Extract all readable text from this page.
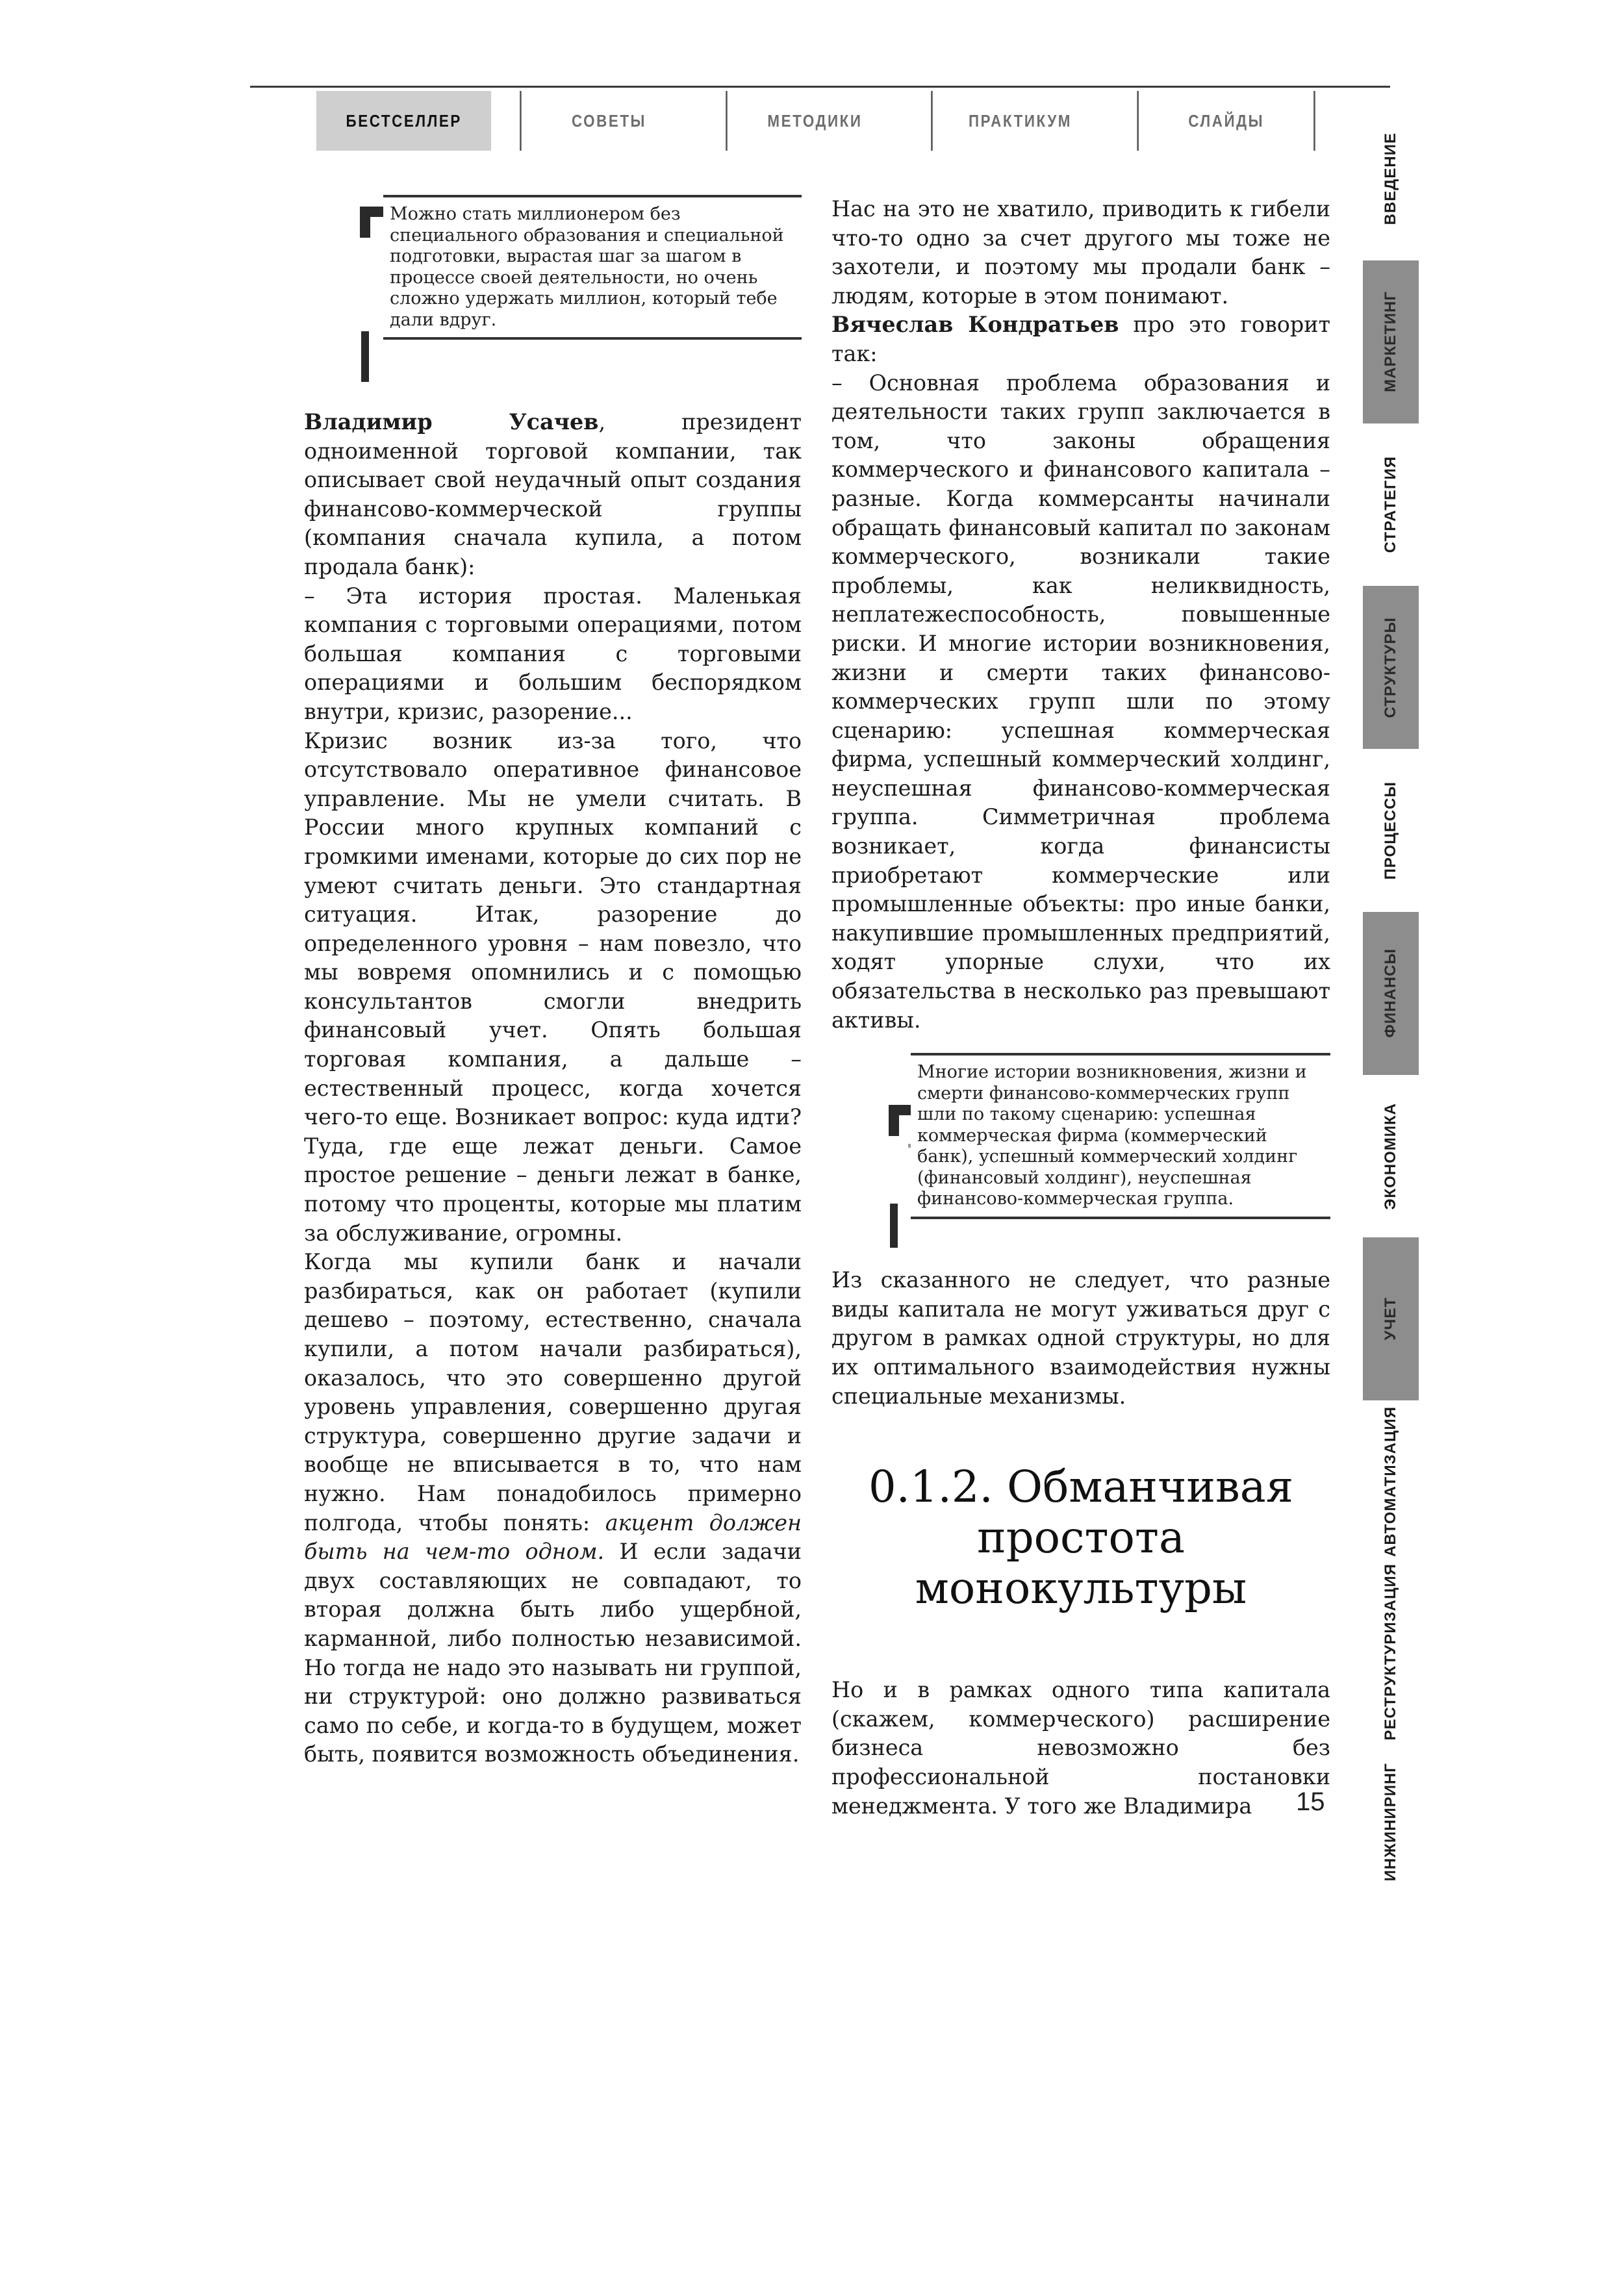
БЕСТСЕЛЛЕР	СОВЕТЫ	МЕТОДИКИ	ПРАКТИКУМ	СЛАЙДЫ
ВВЕДЕНИЕ
МАРКЕТИНГ
СТРАТЕГИЯ
СТРУКТУРЫ
ПРОЦЕССЫ
ФИНАНСЫ
ЭКОНОМИКА
УЧЕТ
АВТОМАТИЗАЦИЯ
РЕСТРУКТУРИЗАЦИЯ
ИНЖИНИРИНГ
Можно стать миллионером без специального образования и специальной подготовки, вырастая шаг за шагом в процессе своей деятельности, но очень сложно удержать миллион, который тебе дали вдруг.

Владимир Усачев, президент одноименной торговой компании, так описывает свой неудачный опыт создания финансово-коммерческой группы (компания сначала купила, а потом продала банк):

– Эта история простая. Маленькая компания с торговыми операциями, потом большая компания с торговыми операциями и большим беспорядком внутри, кризис, разорение...

Кризис возник из-за того, что отсутствовало оперативное финансовое управление. Мы не умели считать. В России много крупных компаний с громкими именами, которые до сих пор не умеют считать деньги. Это стандартная ситуация. Итак, разорение до определенного уровня – нам повезло, что мы вовремя опомнились и с помощью консультантов смогли внедрить финансовый учет. Опять большая торговая компания, а дальше – естественный процесс, когда хочется чего-то еще. Возникает вопрос: куда идти? Туда, где еще лежат деньги. Самое простое решение – деньги лежат в банке, потому что проценты, которые мы платим за обслуживание, огромны.

Когда мы купили банк и начали разбираться, как он работает (купили дешево – поэтому, естественно, сначала купили, а потом начали разбираться), оказалось, что это совершенно другой уровень управления, совершенно другая структура, совершенно другие задачи и вообще не вписывается в то, что нам нужно. Нам понадобилось примерно полгода, чтобы понять: акцент должен быть на чем-то одном. И если задачи двух составляющих не совпадают, то вторая должна быть либо ущербной, карманной, либо полностью независимой. Но тогда не надо это называть ни группой, ни структурой: оно должно развиваться само по себе, и когда-то в будущем, может быть, появится возможность объединения.

Нас на это не хватило, приводить к гибели что-то одно за счет другого мы тоже не захотели, и поэтому мы продали банк – людям, которые в этом понимают.

Вячеслав Кондратьев про это говорит так:

– Основная проблема образования и деятельности таких групп заключается в том, что законы обращения коммерческого и финансового капитала – разные. Когда коммерсанты начинали обращать финансовый капитал по законам коммерческого, возникали такие проблемы, как неликвидность, неплатежеспособность, повышенные риски. И многие истории возникновения, жизни и смерти таких финансово-коммерческих групп шли по этому сценарию: успешная коммерческая фирма, успешный коммерческий холдинг, неуспешная финансово-коммерческая группа. Симметричная проблема возникает, когда финансисты приобретают коммерческие или промышленные объекты: про иные банки, накупившие промышленных предприятий, ходят упорные слухи, что их обязательства в несколько раз превышают активы.

Многие истории возникновения, жизни и смерти финансово-коммерческих групп шли по такому сценарию: успешная коммерческая фирма (коммерческий банк), успешный коммерческий холдинг (финансовый холдинг), неуспешная финансово-коммерческая группа.

Из сказанного не следует, что разные виды капитала не могут уживаться друг с другом в рамках одной структуры, но для их оптимального взаимодействия нужны специальные механизмы.

0.1.2. Обманчивая простота монокультуры

Но и в рамках одного типа капитала (скажем, коммерческого) расширение бизнеса невозможно без профессиональной постановки менеджмента. У того же Владимира	15
